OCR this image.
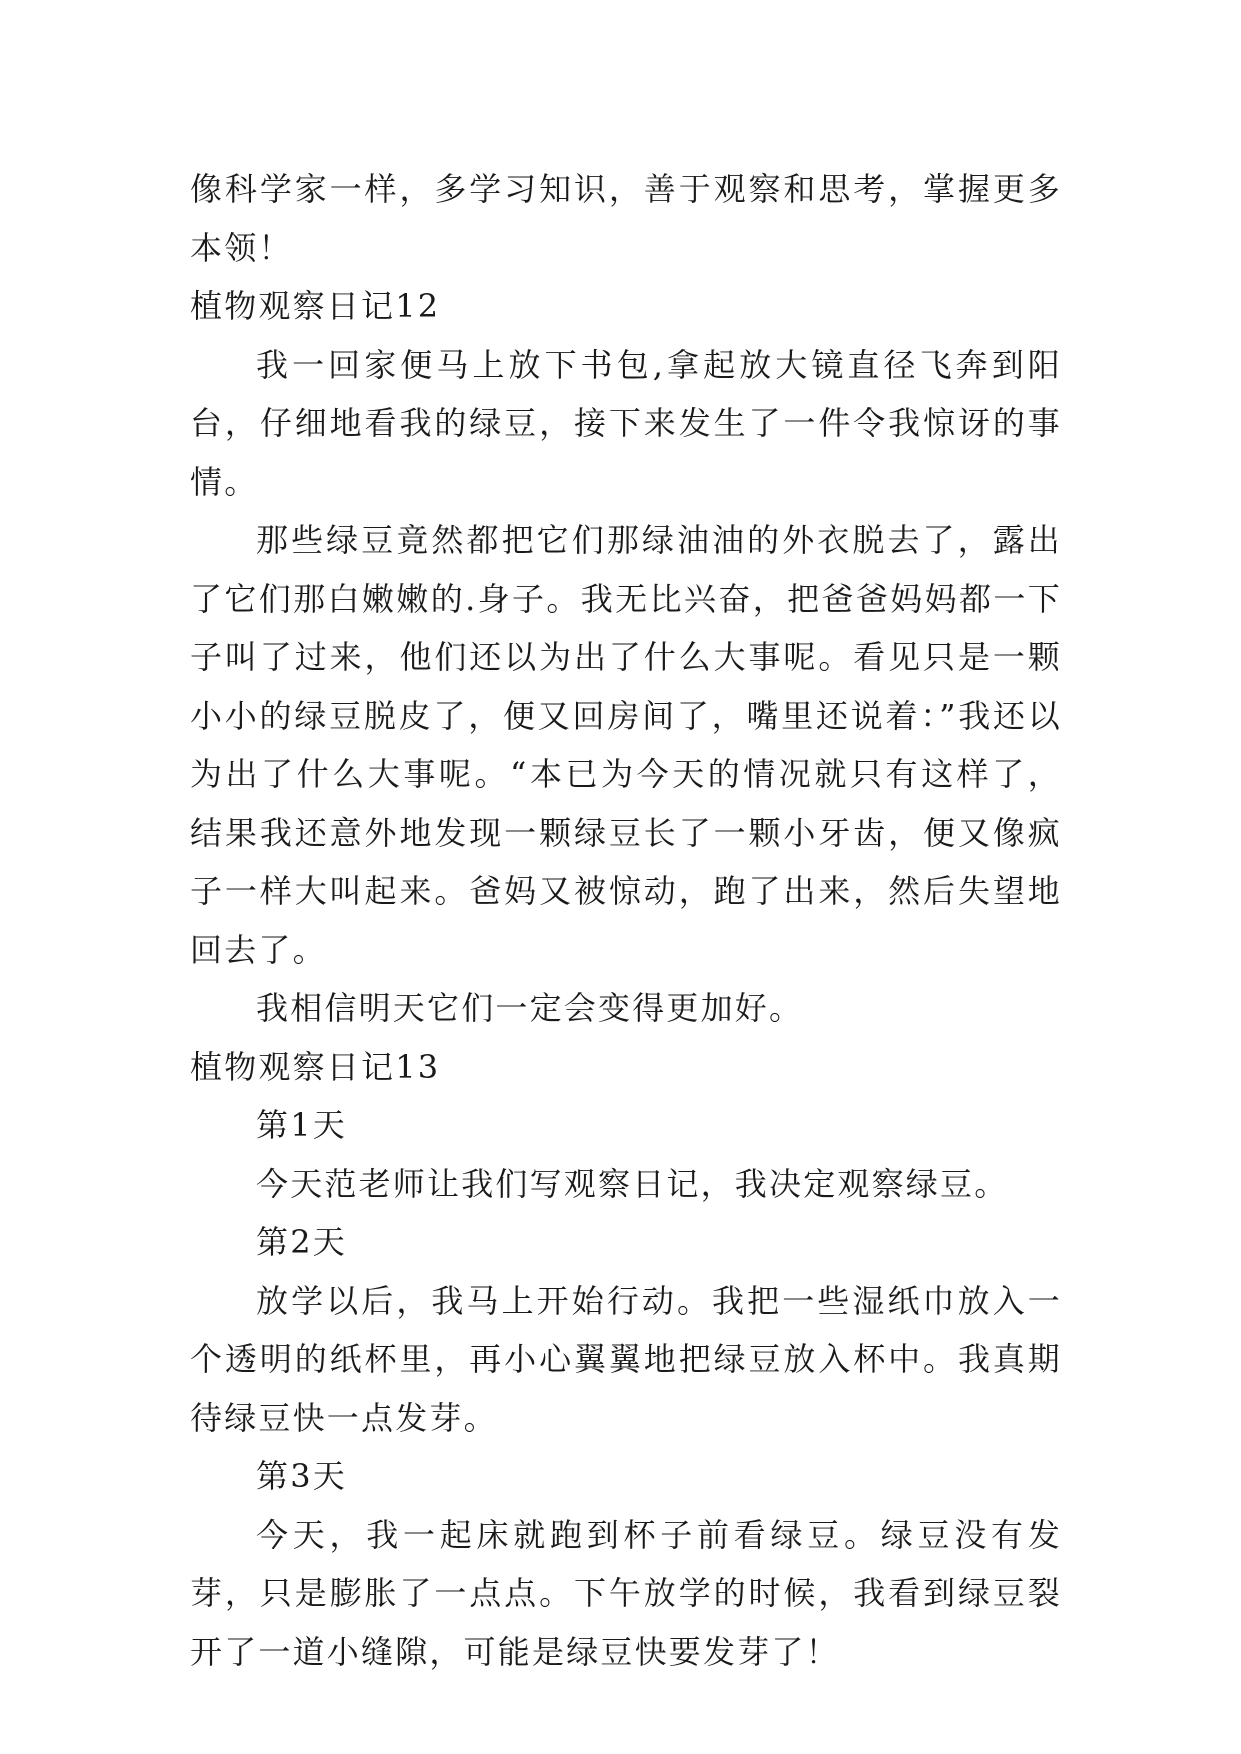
像科学家一样，多学习知识，善于观察和思考，掌握更多本领！

植物观察日记12

我一回家便马上放下书包,拿起放大镜直径飞奔到阳台，仔细地看我的绿豆，接下来发生了一件令我惊讶的事情。

那些绿豆竟然都把它们那绿油油的外衣脱去了，露出了它们那白嫩嫩的.身子。我无比兴奋，把爸爸妈妈都一下子叫了过来，他们还以为出了什么大事呢。看见只是一颗小小的绿豆脱皮了，便又回房间了，嘴里还说着：”我还以为出了什么大事呢。“本已为今天的情况就只有这样了，结果我还意外地发现一颗绿豆长了一颗小牙齿，便又像疯子一样大叫起来。爸妈又被惊动，跑了出来，然后失望地回去了。

我相信明天它们一定会变得更加好。

植物观察日记13

第1天

今天范老师让我们写观察日记，我决定观察绿豆。

第2天

放学以后，我马上开始行动。我把一些湿纸巾放入一个透明的纸杯里，再小心翼翼地把绿豆放入杯中。我真期待绿豆快一点发芽。

第3天

今天，我一起床就跑到杯子前看绿豆。绿豆没有发芽，只是膨胀了一点点。下午放学的时候，我看到绿豆裂开了一道小缝隙，可能是绿豆快要发芽了！
